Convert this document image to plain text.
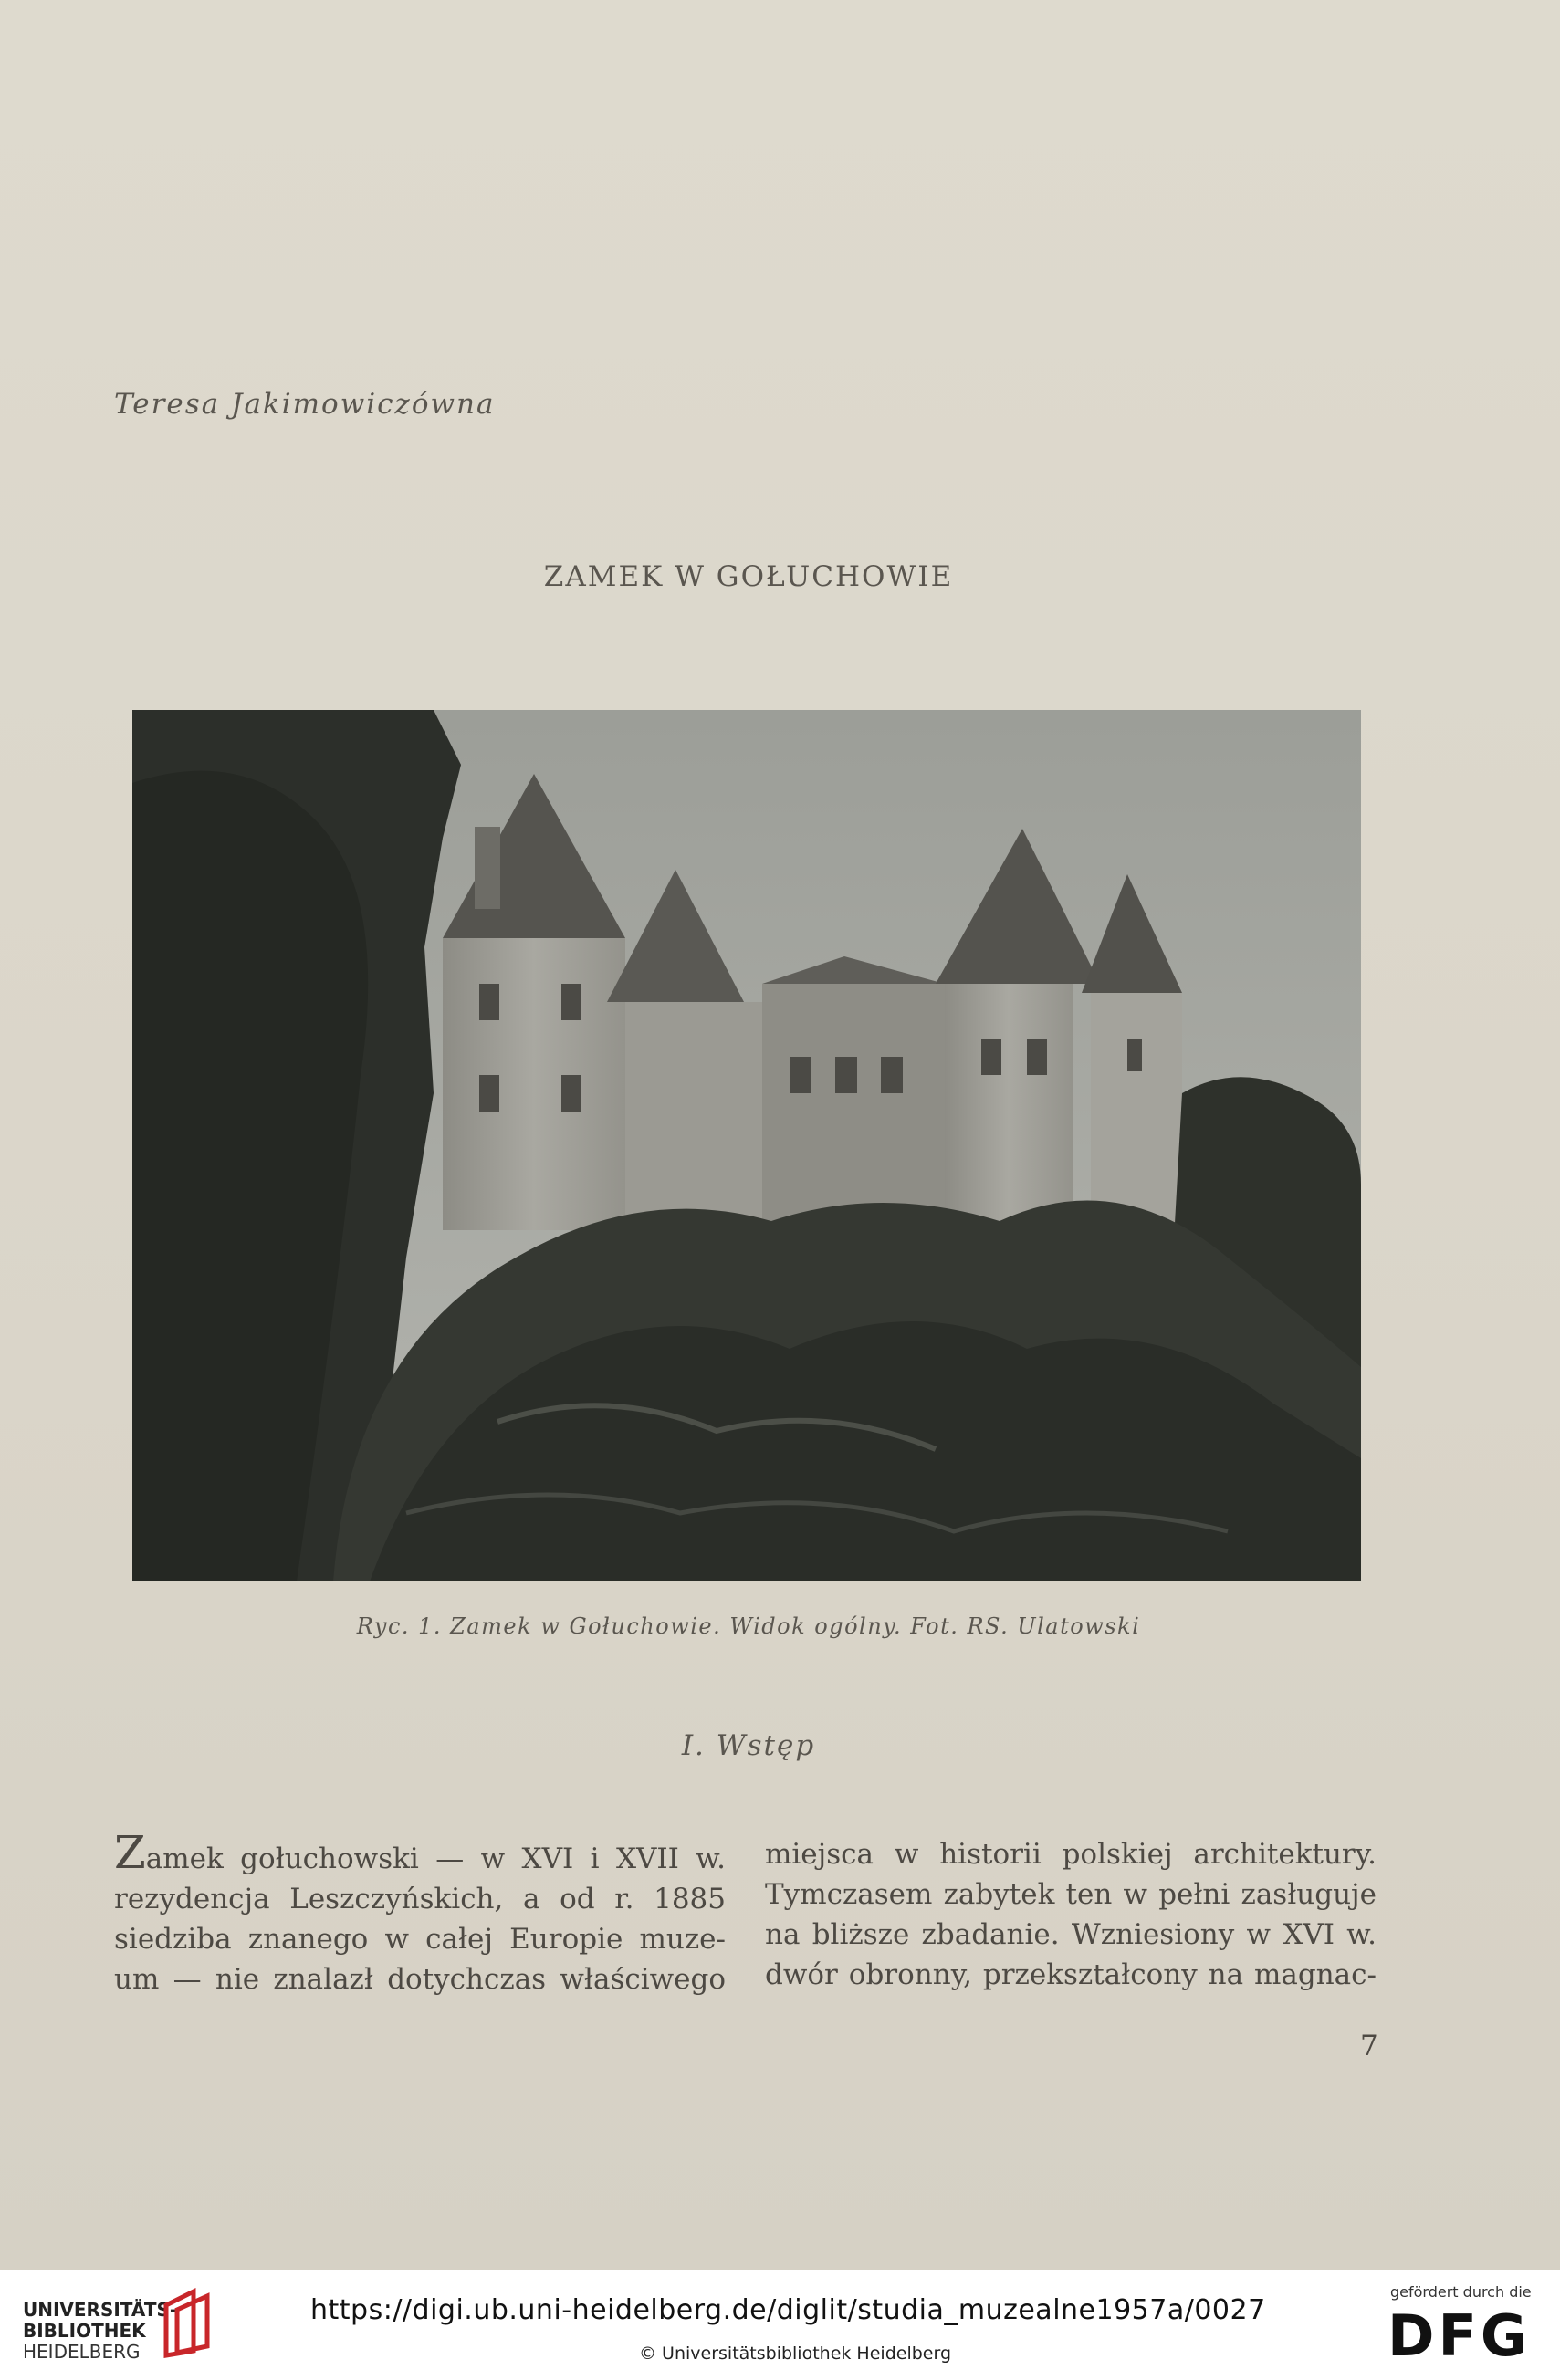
Teresa Jakimowiczówna
ZAMEK W GOŁUCHOWIE
Ryc. 1. Zamek w Gołuchowie. Widok ogólny. Fot. RS. Ulatowski
I. Wstęp
Zamek gołuchowski — w XVI i XVII w.
rezydencja Leszczyńskich, a od r. 1885
siedziba znanego w całej Europie muze-
um — nie znalazł dotychczas właściwego
miejsca w historii polskiej architektury.
Tymczasem zabytek ten w pełni zasługuje
na bliższe zbadanie. Wzniesiony w XVI w.
dwór obronny, przekształcony na magnac-
7
UNIVERSITÄTS-
BIBLIOTHEK
HEIDELBERG
https://digi.ub.uni-heidelberg.de/diglit/studia_muzealne1957a/0027
© Universitätsbibliothek Heidelberg
gefördert durch die
DFG
